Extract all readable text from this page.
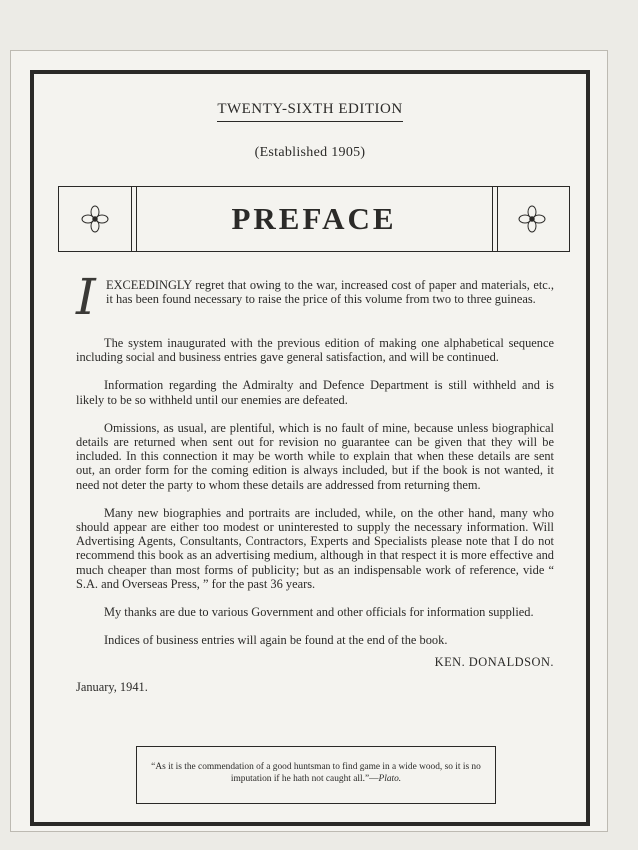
TWENTY-SIXTH EDITION
(Established 1905)
PREFACE
I EXCEEDINGLY regret that owing to the war, increased cost of paper and materials, etc., it has been found necessary to raise the price of this volume from two to three guineas.

The system inaugurated with the previous edition of making one alphabetical sequence including social and business entries gave general satisfaction, and will be continued.

Information regarding the Admiralty and Defence Department is still withheld and is likely to be so withheld until our enemies are defeated.

Omissions, as usual, are plentiful, which is no fault of mine, because unless biographical details are returned when sent out for revision no guarantee can be given that they will be included. In this connection it may be worth while to explain that when these details are sent out, an order form for the coming edition is always included, but if the book is not wanted, it need not deter the party to whom these details are addressed from returning them.

Many new biographies and portraits are included, while, on the other hand, many who should appear are either too modest or uninterested to supply the necessary information. Will Advertising Agents, Consultants, Contractors, Experts and Specialists please note that I do not recommend this book as an advertising medium, although in that respect it is more effective and much cheaper than most forms of publicity; but as an indispensable work of reference, vide “ S.A. and Overseas Press, ” for the past 36 years.

My thanks are due to various Government and other officials for information supplied.

Indices of business entries will again be found at the end of the book.

KEN. DONALDSON.
January, 1941.
“As it is the commendation of a good huntsman to find game in a wide wood, so it is no imputation if he hath not caught all.”—Plato.
